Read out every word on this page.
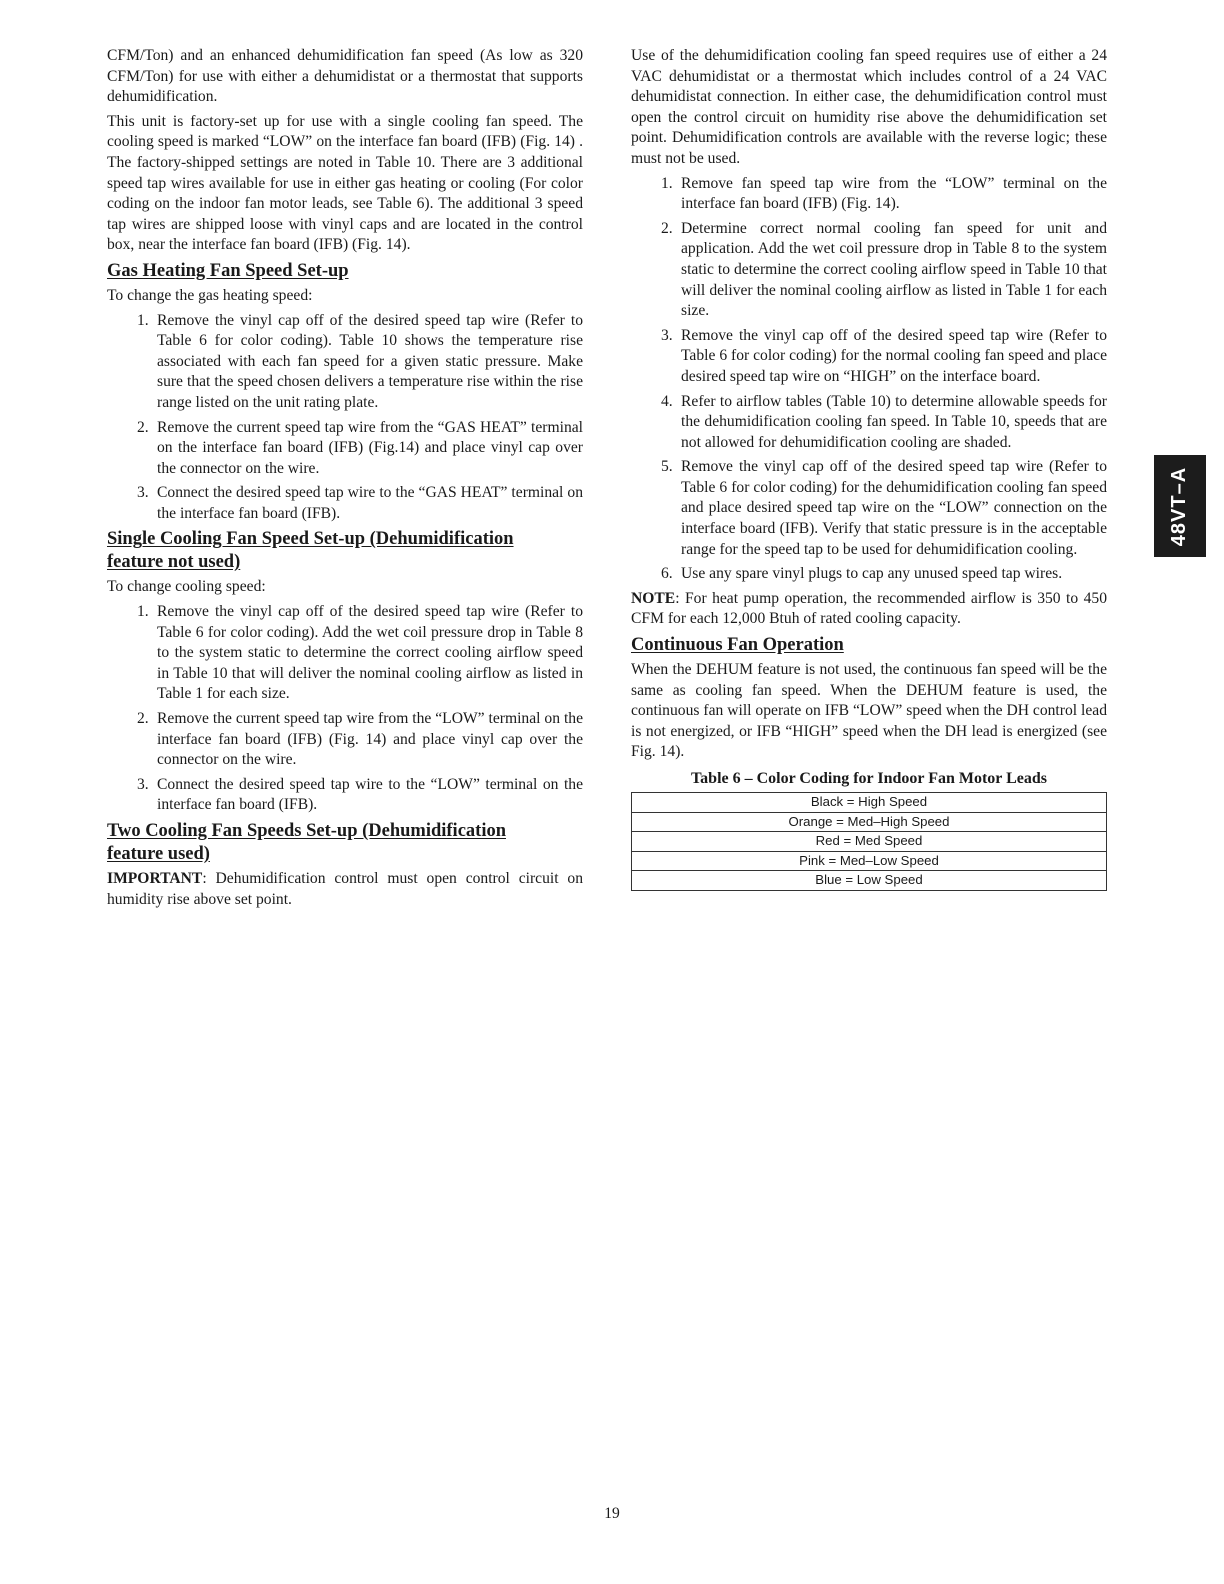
CFM/Ton) and an enhanced dehumidification fan speed (As low as 320 CFM/Ton) for use with either a dehumidistat or a thermostat that supports dehumidification.

This unit is factory-set up for use with a single cooling fan speed. The cooling speed is marked “LOW” on the interface fan board (IFB) (Fig. 14) . The factory-shipped settings are noted in Table 10. There are 3 additional speed tap wires available for use in either gas heating or cooling (For color coding on the indoor fan motor leads, see Table 6). The additional 3 speed tap wires are shipped loose with vinyl caps and are located in the control box, near the interface fan board (IFB) (Fig. 14).

Gas Heating Fan Speed Set-up

To change the gas heating speed:

1. Remove the vinyl cap off of the desired speed tap wire (Refer to Table 6 for color coding). Table 10 shows the temperature rise associated with each fan speed for a given static pressure. Make sure that the speed chosen delivers a temperature rise within the rise range listed on the unit rating plate.
2. Remove the current speed tap wire from the “GAS HEAT” terminal on the interface fan board (IFB) (Fig.14) and place vinyl cap over the connector on the wire.
3. Connect the desired speed tap wire to the “GAS HEAT” terminal on the interface fan board (IFB).
Single Cooling Fan Speed Set-up (Dehumidification
feature not used)

To change cooling speed:

1. Remove the vinyl cap off of the desired speed tap wire (Refer to Table 6 for color coding). Add the wet coil pressure drop in Table 8 to the system static to determine the correct cooling airflow speed in Table 10 that will deliver the nominal cooling airflow as listed in Table 1 for each size.
2. Remove the current speed tap wire from the “LOW” terminal on the interface fan board (IFB) (Fig. 14) and place vinyl cap over the connector on the wire.
3. Connect the desired speed tap wire to the “LOW” terminal on the interface fan board (IFB).
Two Cooling Fan Speeds Set-up (Dehumidification
feature used)

IMPORTANT: Dehumidification control must open control circuit on humidity rise above set point.

Use of the dehumidification cooling fan speed requires use of either a 24 VAC dehumidistat or a thermostat which includes control of a 24 VAC dehumidistat connection. In either case, the dehumidification control must open the control circuit on humidity rise above the dehumidification set point. Dehumidification controls are available with the reverse logic; these must not be used.

1. Remove fan speed tap wire from the “LOW” terminal on the interface fan board (IFB) (Fig. 14).
2. Determine correct normal cooling fan speed for unit and application. Add the wet coil pressure drop in Table 8 to the system static to determine the correct cooling airflow speed in Table 10 that will deliver the nominal cooling airflow as listed in Table 1 for each size.
3. Remove the vinyl cap off of the desired speed tap wire (Refer to Table 6 for color coding) for the normal cooling fan speed and place desired speed tap wire on “HIGH” on the interface board.
4. Refer to airflow tables (Table 10) to determine allowable speeds for the dehumidification cooling fan speed. In Table 10, speeds that are not allowed for dehumidification cooling are shaded.
5. Remove the vinyl cap off of the desired speed tap wire (Refer to Table 6 for color coding) for the dehumidification cooling fan speed and place desired speed tap wire on the “LOW” connection on the interface board (IFB). Verify that static pressure is in the acceptable range for the speed tap to be used for dehumidification cooling.
6. Use any spare vinyl plugs to cap any unused speed tap wires.

NOTE: For heat pump operation, the recommended airflow is 350 to 450 CFM for each 12,000 Btuh of rated cooling capacity.

Continuous Fan Operation

When the DEHUM feature is not used, the continuous fan speed will be the same as cooling fan speed. When the DEHUM feature is used, the continuous fan will operate on IFB “LOW” speed when the DH control lead is not energized, or IFB “HIGH” speed when the DH lead is energized (see Fig. 14).

Table 6 – Color Coding for Indoor Fan Motor Leads
Black = High Speed
Orange = Med–High Speed
Red = Med Speed
Pink = Med–Low Speed
Blue = Low Speed
48VT–A
19
